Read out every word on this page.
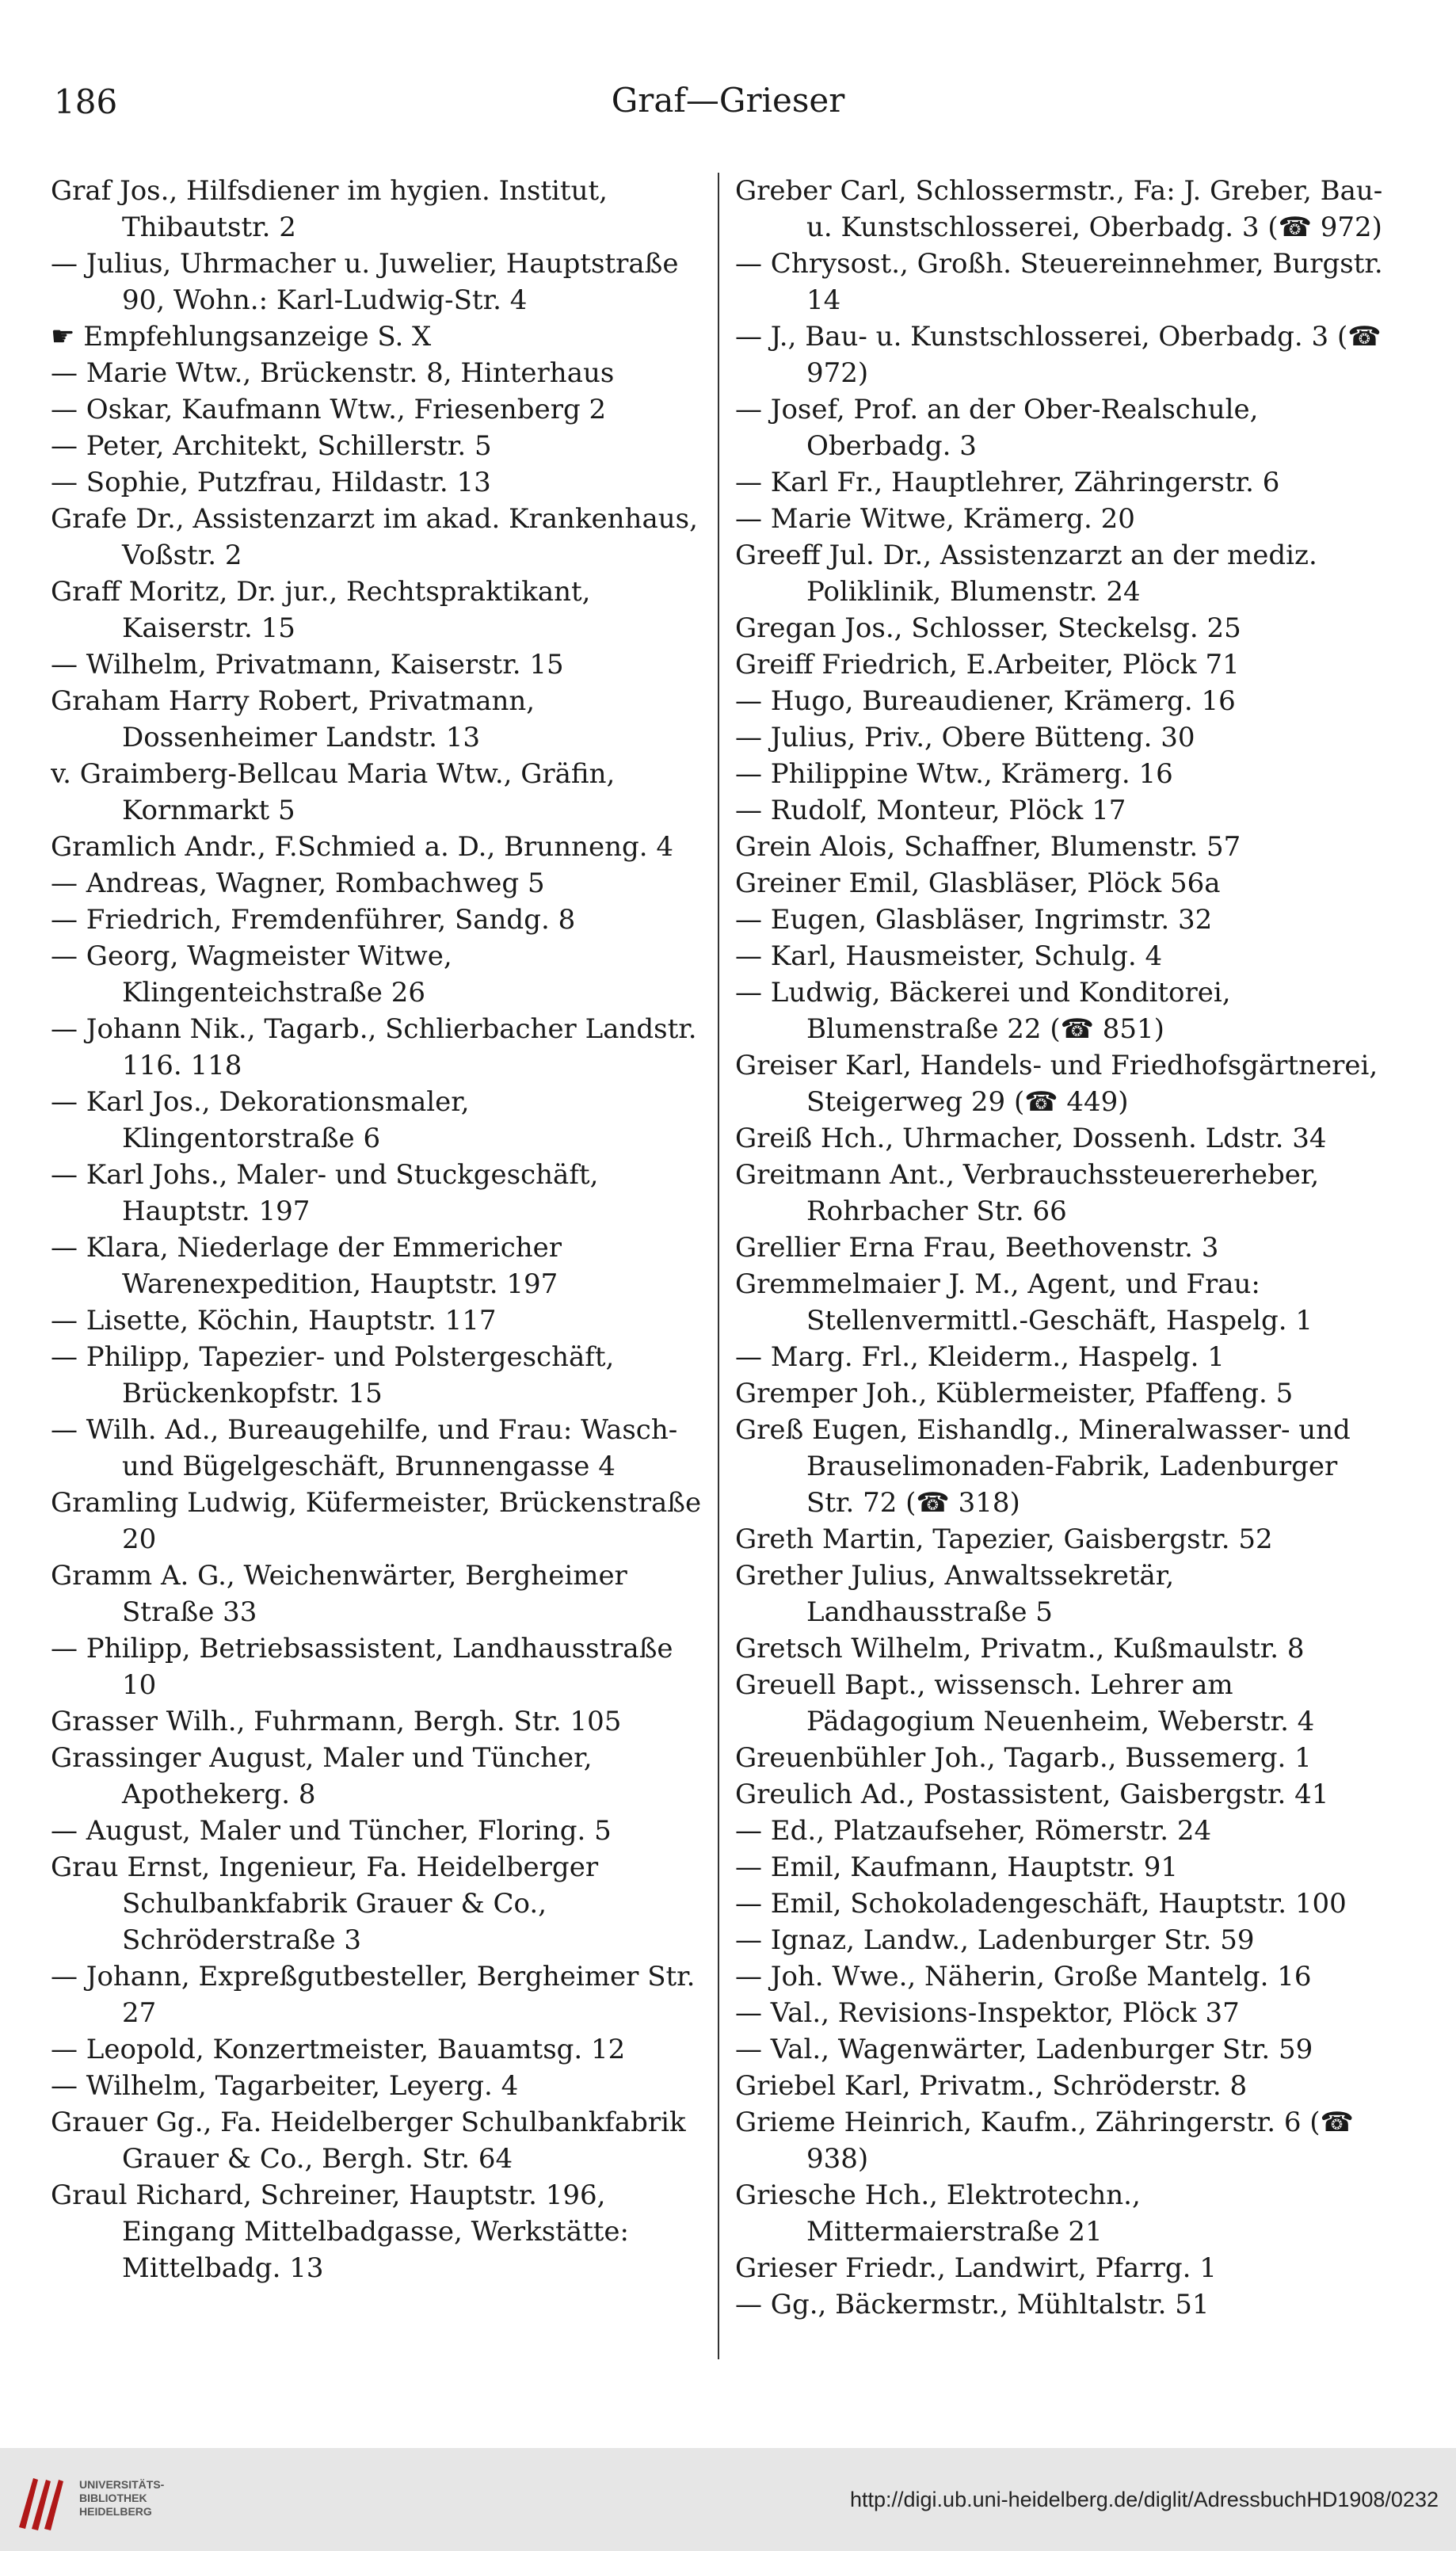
186	Graf—Grieser

Graf Jos., Hilfsdiener im hygien. Institut, Thibautstr. 2

— Julius, Uhrmacher u. Juwelier, Hauptstraße 90, Wohn.: Karl-Ludwig-Str. 4

☛ Empfehlungsanzeige S. X

— Marie Wtw., Brückenstr. 8, Hinterhaus

— Oskar, Kaufmann Wtw., Friesenberg 2

— Peter, Architekt, Schillerstr. 5

— Sophie, Putzfrau, Hildastr. 13

Grafe Dr., Assistenzarzt im akad. Krankenhaus, Voßstr. 2

Graff Moritz, Dr. jur., Rechtspraktikant, Kaiserstr. 15

— Wilhelm, Privatmann, Kaiserstr. 15

Graham Harry Robert, Privatmann, Dossenheimer Landstr. 13

v. Graimberg-Bellcau Maria Wtw., Gräfin, Kornmarkt 5

Gramlich Andr., F.Schmied a. D., Brunneng. 4

— Andreas, Wagner, Rombachweg 5

— Friedrich, Fremdenführer, Sandg. 8

— Georg, Wagmeister Witwe, Klingenteichstraße 26

— Johann Nik., Tagarb., Schlierbacher Landstr. 116. 118

— Karl Jos., Dekorationsmaler, Klingentorstraße 6

— Karl Johs., Maler- und Stuckgeschäft, Hauptstr. 197

— Klara, Niederlage der Emmericher Warenexpedition, Hauptstr. 197

— Lisette, Köchin, Hauptstr. 117

— Philipp, Tapezier- und Polstergeschäft, Brückenkopfstr. 15

— Wilh. Ad., Bureaugehilfe, und Frau: Wasch- und Bügelgeschäft, Brunnengasse 4

Gramling Ludwig, Küfermeister, Brückenstraße 20

Gramm A. G., Weichenwärter, Bergheimer Straße 33

— Philipp, Betriebsassistent, Landhausstraße 10

Grasser Wilh., Fuhrmann, Bergh. Str. 105

Grassinger August, Maler und Tüncher, Apothekerg. 8

— August, Maler und Tüncher, Floring. 5

Grau Ernst, Ingenieur, Fa. Heidelberger Schulbankfabrik Grauer & Co., Schröderstraße 3

— Johann, Expreßgutbesteller, Bergheimer Str. 27

— Leopold, Konzertmeister, Bauamtsg. 12

— Wilhelm, Tagarbeiter, Leyerg. 4

Grauer Gg., Fa. Heidelberger Schulbankfabrik Grauer & Co., Bergh. Str. 64

Graul Richard, Schreiner, Hauptstr. 196, Eingang Mittelbadgasse, Werkstätte: Mittelbadg. 13

Greber Carl, Schlossermstr., Fa: J. Greber, Bau- u. Kunstschlosserei, Oberbadg. 3 (☎ 972)

— Chrysost., Großh. Steuereinnehmer, Burgstr. 14

— J., Bau- u. Kunstschlosserei, Oberbadg. 3 (☎ 972)

— Josef, Prof. an der Ober-Realschule, Oberbadg. 3

— Karl Fr., Hauptlehrer, Zähringerstr. 6

— Marie Witwe, Krämerg. 20

Greeff Jul. Dr., Assistenzarzt an der mediz. Poliklinik, Blumenstr. 24

Gregan Jos., Schlosser, Steckelsg. 25

Greiff Friedrich, E.Arbeiter, Plöck 71

— Hugo, Bureaudiener, Krämerg. 16

— Julius, Priv., Obere Bütteng. 30

— Philippine Wtw., Krämerg. 16

— Rudolf, Monteur, Plöck 17

Grein Alois, Schaffner, Blumenstr. 57

Greiner Emil, Glasbläser, Plöck 56a

— Eugen, Glasbläser, Ingrimstr. 32

— Karl, Hausmeister, Schulg. 4

— Ludwig, Bäckerei und Konditorei, Blumenstraße 22 (☎ 851)

Greiser Karl, Handels- und Friedhofsgärtnerei, Steigerweg 29 (☎ 449)

Greiß Hch., Uhrmacher, Dossenh. Ldstr. 34

Greitmann Ant., Verbrauchssteuererheber, Rohrbacher Str. 66

Grellier Erna Frau, Beethovenstr. 3

Gremmelmaier J. M., Agent, und Frau: Stellenvermittl.-Geschäft, Haspelg. 1

— Marg. Frl., Kleiderm., Haspelg. 1

Gremper Joh., Küblermeister, Pfaffeng. 5

Greß Eugen, Eishandlg., Mineralwasser- und Brauselimonaden-Fabrik, Ladenburger Str. 72 (☎ 318)

Greth Martin, Tapezier, Gaisbergstr. 52

Grether Julius, Anwaltssekretär, Landhausstraße 5

Gretsch Wilhelm, Privatm., Kußmaulstr. 8

Greuell Bapt., wissensch. Lehrer am Pädagogium Neuenheim, Weberstr. 4

Greuenbühler Joh., Tagarb., Bussemerg. 1

Greulich Ad., Postassistent, Gaisbergstr. 41

— Ed., Platzaufseher, Römerstr. 24

— Emil, Kaufmann, Hauptstr. 91

— Emil, Schokoladengeschäft, Hauptstr. 100

— Ignaz, Landw., Ladenburger Str. 59

— Joh. Wwe., Näherin, Große Mantelg. 16

— Val., Revisions-Inspektor, Plöck 37

— Val., Wagenwärter, Ladenburger Str. 59

Griebel Karl, Privatm., Schröderstr. 8

Grieme Heinrich, Kaufm., Zähringerstr. 6 (☎ 938)

Griesche Hch., Elektrotechn., Mittermaierstraße 21

Grieser Friedr., Landwirt, Pfarrg. 1

— Gg., Bäckermstr., Mühltalstr. 51

UNIVERSITÄTS-
BIBLIOTHEK
HEIDELBERG	http://digi.ub.uni-heidelberg.de/diglit/AdressbuchHD1908/0232
